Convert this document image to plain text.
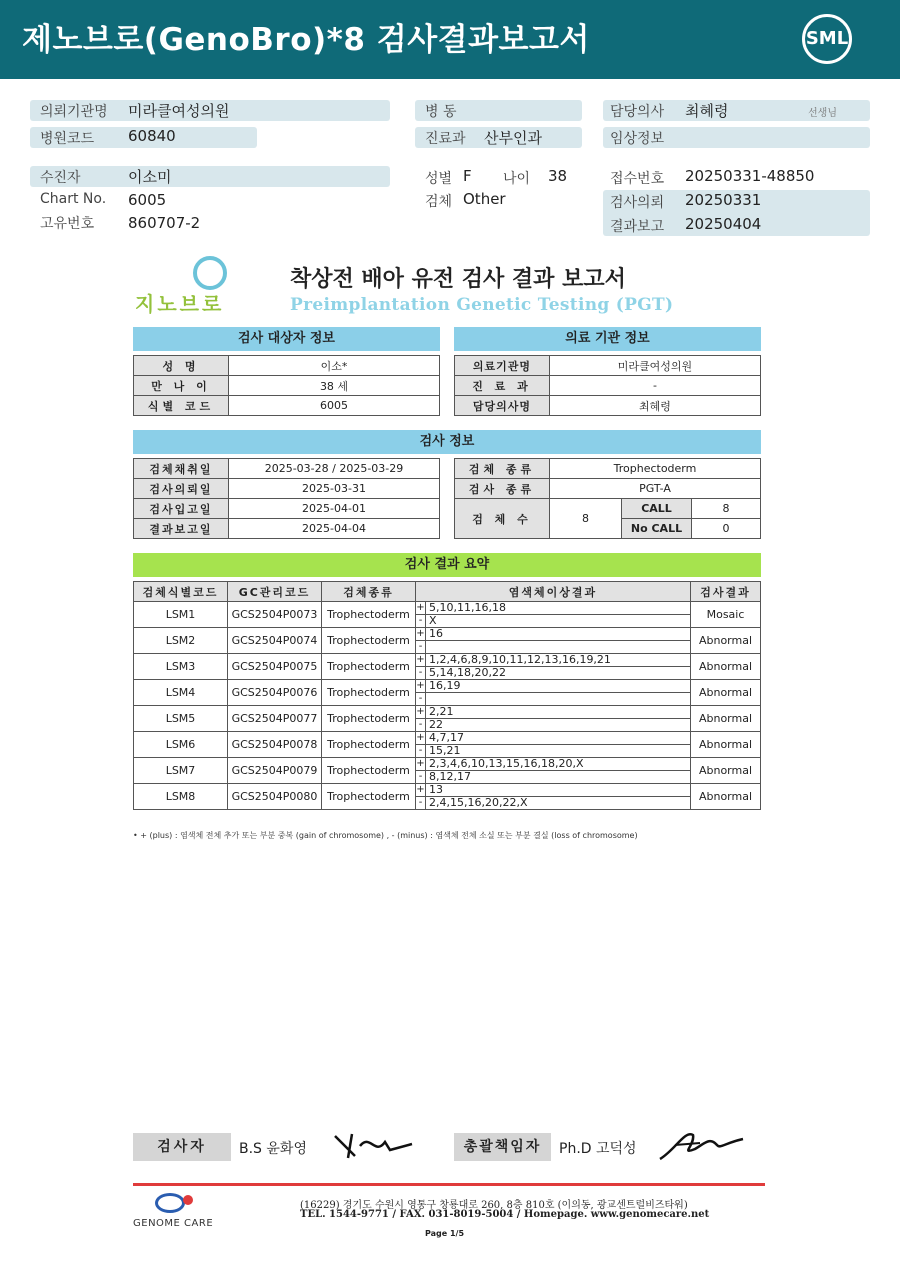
제노브로(GenoBro)*8 검사결과보고서	SML
의뢰기관명 미라클여성의원
병원코드 60840
수진자	이소미
Chart No. 6005
고유번호 860707-2
병 동
진료과 산부인과
성별 F 나이 38
검체 Other
담당의사 최혜령	선생님
임상정보
접수번호 20250331-48850
검사의뢰 20250331
결과보고 20250404
지노브로
착상전 배아 유전 검사 결과 보고서
Preimplantation Genetic Testing (PGT)
검사 대상자 정보
성 명	이소*
만 나 이	38 세
식별 코드	6005
의료 기관 정보
의료기관명	미라클여성의원
진 료 과	-
담당의사명	최혜령
검사 정보
검체채취일	2025-03-28 / 2025-03-29
검사의뢰일	2025-03-31
검사입고일	2025-04-01
결과보고일	2025-04-04
검체 종류	Trophectoderm		
검사 종류	PGT-A		
검 체 수	8	CALL	8
		No CALL	0
검사 결과 요약
검체식별코드	GC관리코드	검체종류	염색체이상결과		검사결과
LSM1	GCS2504P0073	Trophectoderm	+	5,10,11,16,18	Mosaic
			-	X	
LSM2	GCS2504P0074	Trophectoderm	+	16	Abnormal
			-		
LSM3	GCS2504P0075	Trophectoderm	+	1,2,4,6,8,9,10,11,12,13,16,19,21	Abnormal
			-	5,14,18,20,22	
LSM4	GCS2504P0076	Trophectoderm	+	16,19	Abnormal
			-		
LSM5	GCS2504P0077	Trophectoderm	+	2,21	Abnormal
			-	22	
LSM6	GCS2504P0078	Trophectoderm	+	4,7,17	Abnormal
			-	15,21	
LSM7	GCS2504P0079	Trophectoderm	+	2,3,4,6,10,13,15,16,18,20,X	Abnormal
			-	8,12,17	
LSM8	GCS2504P0080	Trophectoderm	+	13	Abnormal
			-	2,4,15,16,20,22,X	
• + (plus) : 염색체 전체 추가 또는 부분 중복 (gain of chromosome) , - (minus) : 염색체 전체 소실 또는 부분 결실 (loss of chromosome)
검사자	B.S 윤화영	총괄책임자	Ph.D 고덕성
GENOME CARE
(16229) 경기도 수원시 영통구 창룡대로 260, 8층 810호 (이의동, 광교센트럴비즈타워)
TEL. 1544-9771 / FAX. 031-8019-5004 / Homepage. www.genomecare.net
Page 1/5
